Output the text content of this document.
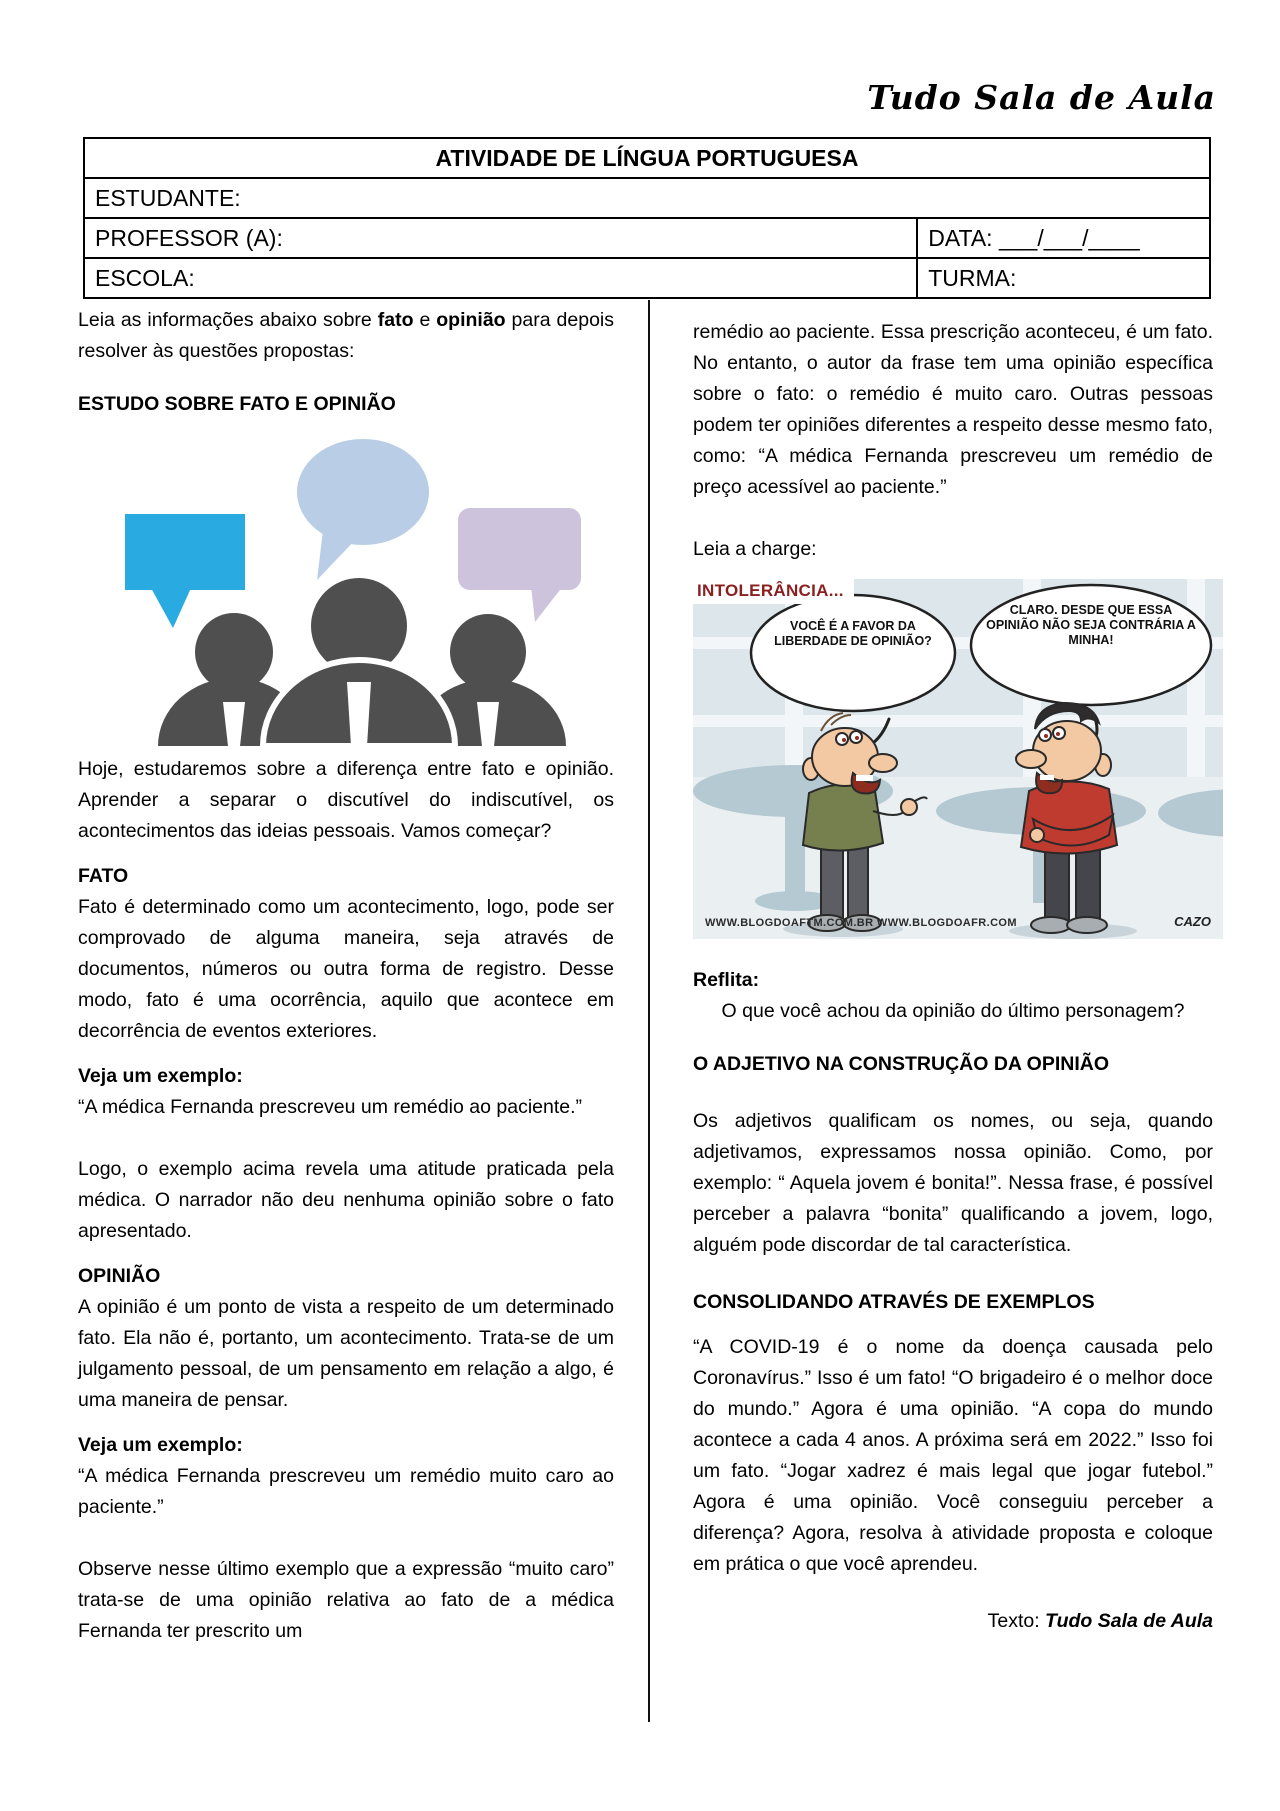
Tudo Sala de Aula
ATIVIDADE DE LÍNGUA PORTUGUESA	
ESTUDANTE:	
PROFESSOR (A):	DATA: ___/___/____
ESCOLA:	TURMA:

Leia as informações abaixo sobre fato e opinião para depois resolver às questões propostas:

ESTUDO SOBRE FATO E OPINIÃO

Hoje, estudaremos sobre a diferença entre fato e opinião. Aprender a separar o discutível do indiscutível, os acontecimentos das ideias pessoais. Vamos começar?

FATO

Fato é determinado como um acontecimento, logo, pode ser comprovado de alguma maneira, seja através de documentos, números ou outra forma de registro. Desse modo, fato é uma ocorrência, aquilo que acontece em decorrência de eventos exteriores.

Veja um exemplo:

“A médica Fernanda prescreveu um remédio ao paciente.”

Logo, o exemplo acima revela uma atitude praticada pela médica. O narrador não deu nenhuma opinião sobre o fato apresentado.

OPINIÃO

A opinião é um ponto de vista a respeito de um determinado fato. Ela não é, portanto, um acontecimento. Trata-se de um julgamento pessoal, de um pensamento em relação a algo, é uma maneira de pensar.

Veja um exemplo:

“A médica Fernanda prescreveu um remédio muito caro ao paciente.”

Observe nesse último exemplo que a expressão “muito caro” trata-se de uma opinião relativa ao fato de a médica Fernanda ter prescrito um

remédio ao paciente. Essa prescrição aconteceu, é um fato. No entanto, o autor da frase tem uma opinião específica sobre o fato: o remédio é muito caro. Outras pessoas podem ter opiniões diferentes a respeito desse mesmo fato, como: “A médica Fernanda prescreveu um remédio de preço acessível ao paciente.”

Leia a charge:

INTOLERÂNCIA...
VOCÊ É A FAVOR DA LIBERDADE DE OPINIÃO?
CLARO. DESDE QUE ESSA OPINIÃO NÃO SEJA CONTRÁRIA A MINHA!
WWW.BLOGDOAFTM.COM.BR WWW.BLOGDOAFR.COM	CAZO

Reflita:

O que você achou da opinião do último personagem?

O ADJETIVO NA CONSTRUÇÃO DA OPINIÃO

Os adjetivos qualificam os nomes, ou seja, quando adjetivamos, expressamos nossa opinião. Como, por exemplo: “ Aquela jovem é bonita!”. Nessa frase, é possível perceber a palavra “bonita” qualificando a jovem, logo, alguém pode discordar de tal característica.

CONSOLIDANDO ATRAVÉS DE EXEMPLOS

“A COVID-19 é o nome da doença causada pelo Coronavírus.” Isso é um fato! “O brigadeiro é o melhor doce do mundo.” Agora é uma opinião. “A copa do mundo acontece a cada 4 anos. A próxima será em 2022.” Isso foi um fato. “Jogar xadrez é mais legal que jogar futebol.” Agora é uma opinião. Você conseguiu perceber a diferença? Agora, resolva à atividade proposta e coloque em prática o que você aprendeu.

Texto: Tudo Sala de Aula
